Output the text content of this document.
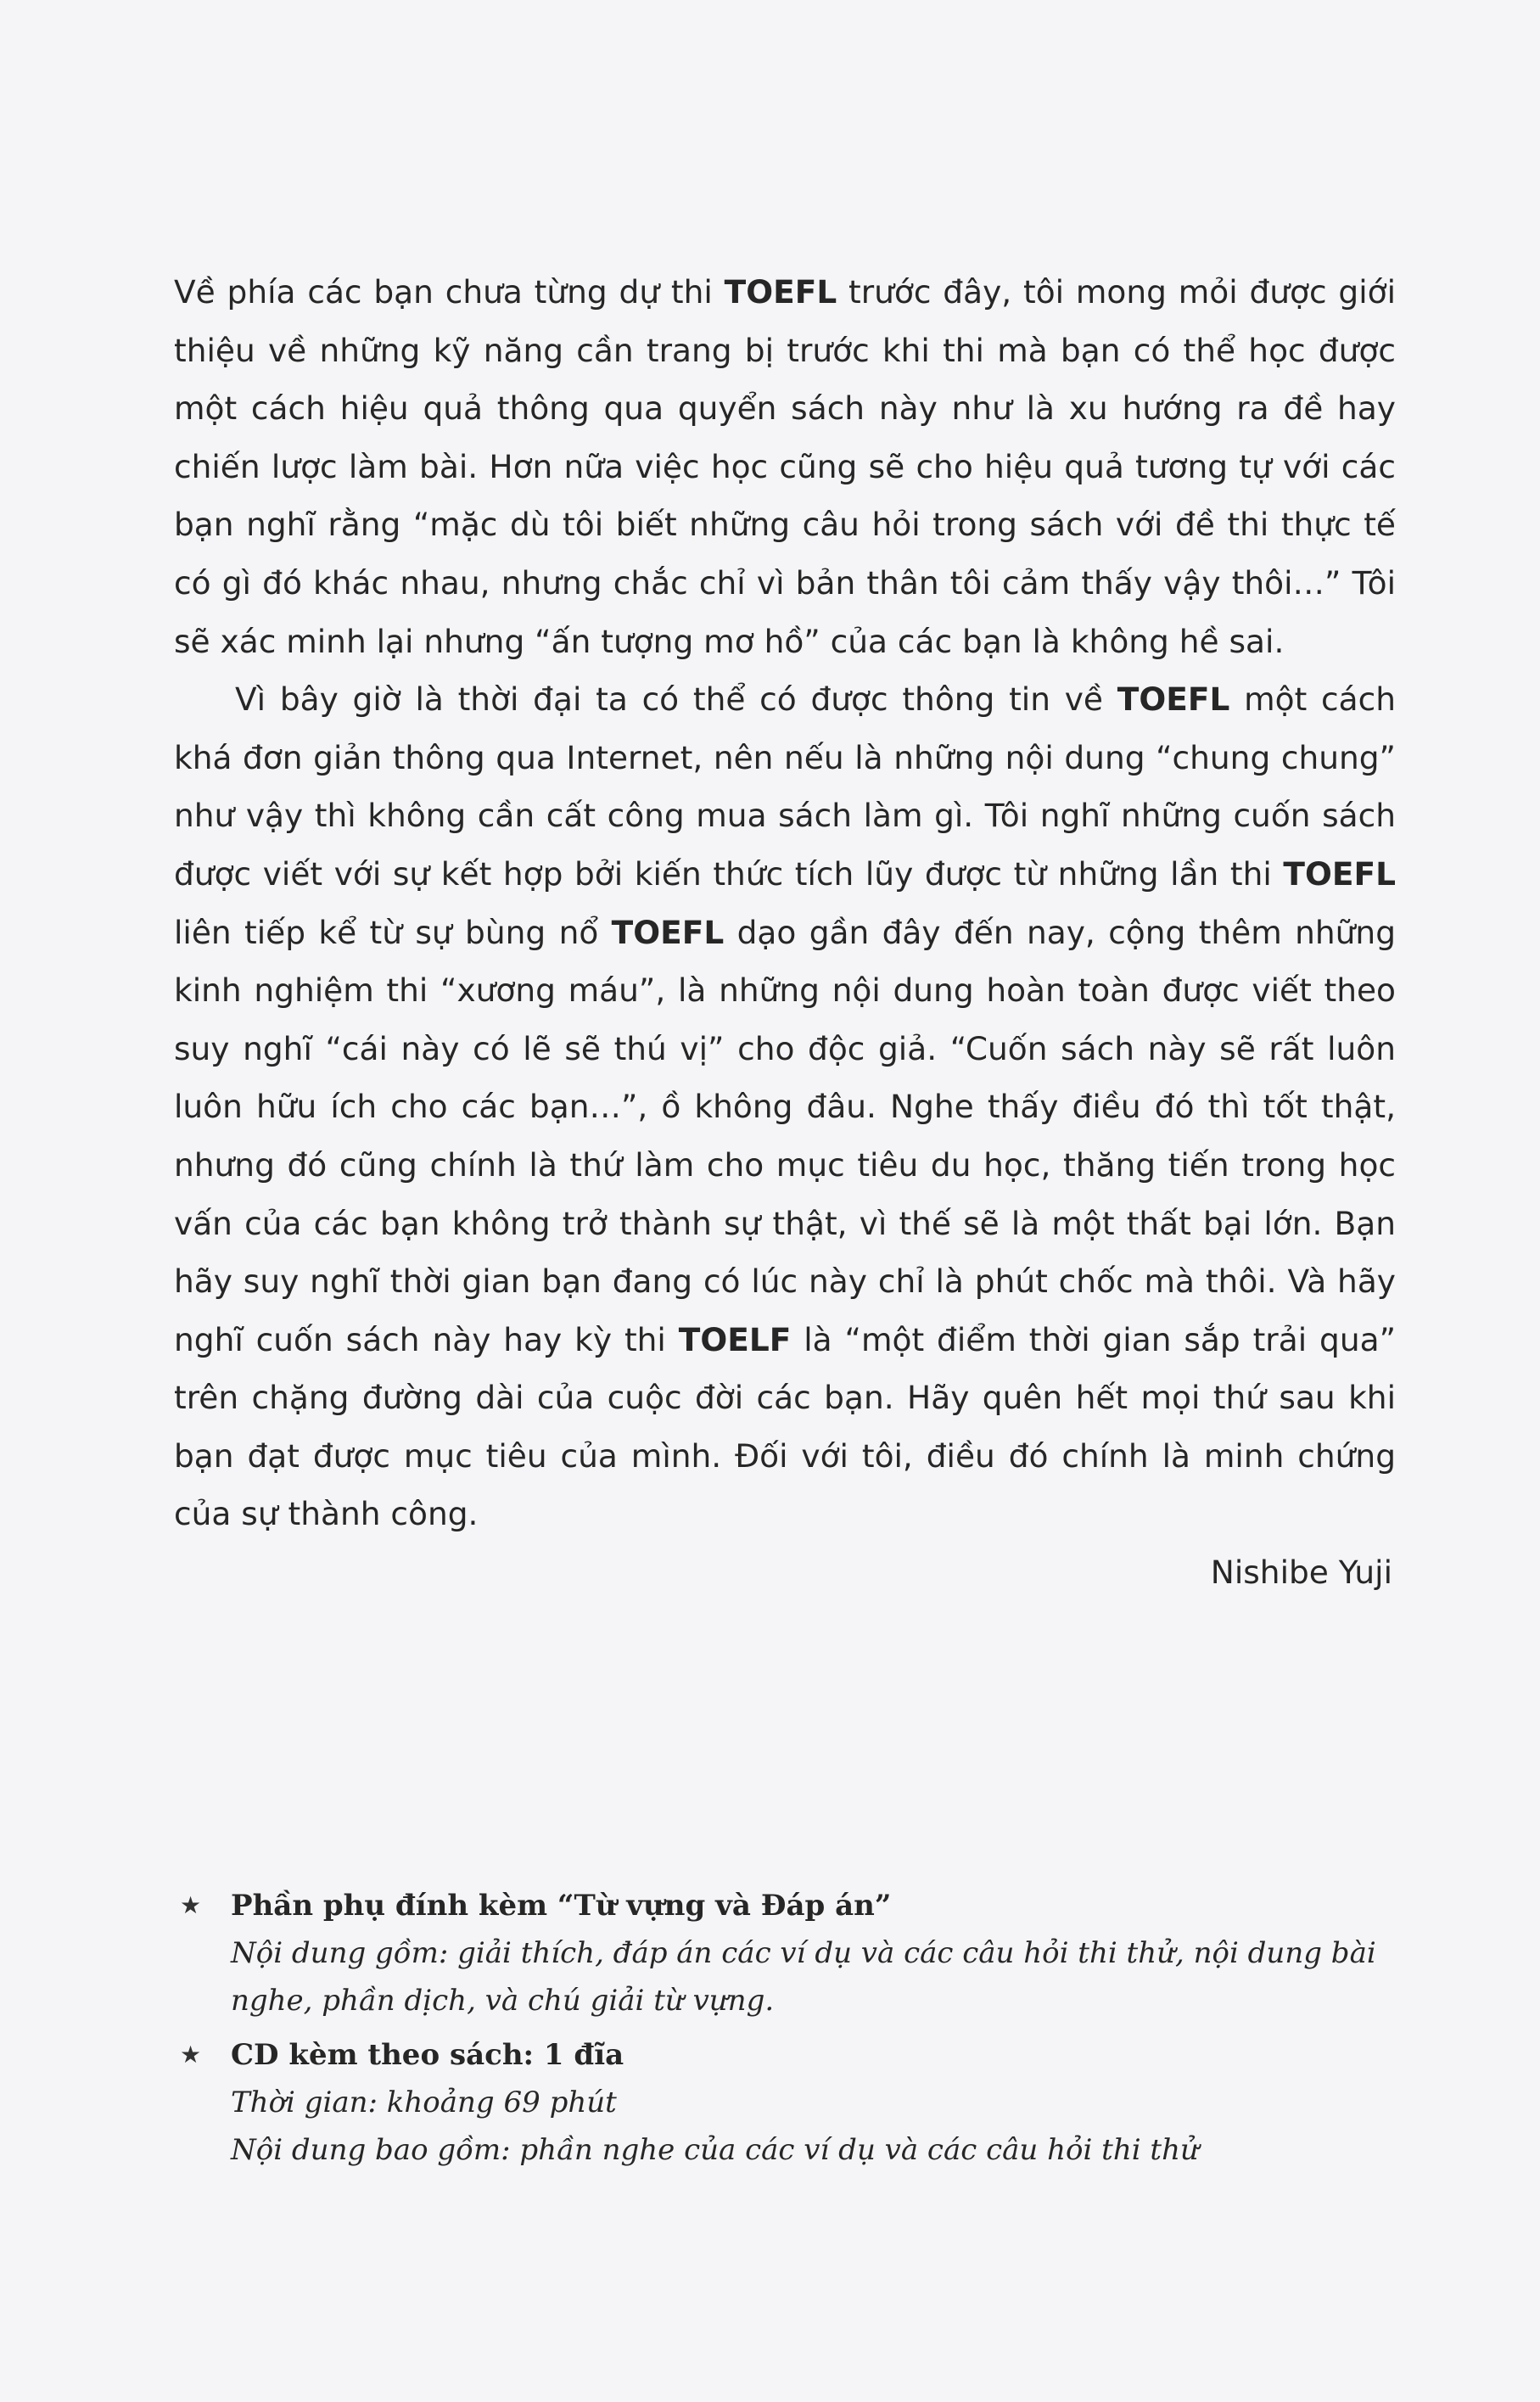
Về phía các bạn chưa từng dự thi TOEFL trước đây, tôi mong mỏi được giới thiệu về những kỹ năng cần trang bị trước khi thi mà bạn có thể học được một cách hiệu quả thông qua quyển sách này như là xu hướng ra đề hay chiến lược làm bài. Hơn nữa việc học cũng sẽ cho hiệu quả tương tự với các bạn nghĩ rằng “mặc dù tôi biết những câu hỏi trong sách với đề thi thực tế có gì đó khác nhau, nhưng chắc chỉ vì bản thân tôi cảm thấy vậy thôi…” Tôi sẽ xác minh lại nhưng “ấn tượng mơ hồ” của các bạn là không hề sai.

Vì bây giờ là thời đại ta có thể có được thông tin về TOEFL một cách khá đơn giản thông qua Internet, nên nếu là những nội dung “chung chung” như vậy thì không cần cất công mua sách làm gì. Tôi nghĩ những cuốn sách được viết với sự kết hợp bởi kiến thức tích lũy được từ những lần thi TOEFL liên tiếp kể từ sự bùng nổ TOEFL dạo gần đây đến nay, cộng thêm những kinh nghiệm thi “xương máu”, là những nội dung hoàn toàn được viết theo suy nghĩ “cái này có lẽ sẽ thú vị” cho độc giả. “Cuốn sách này sẽ rất luôn luôn hữu ích cho các bạn…”, ồ không đâu. Nghe thấy điều đó thì tốt thật, nhưng đó cũng chính là thứ làm cho mục tiêu du học, thăng tiến trong học vấn của các bạn không trở thành sự thật, vì thế sẽ là một thất bại lớn. Bạn hãy suy nghĩ thời gian bạn đang có lúc này chỉ là phút chốc mà thôi. Và hãy nghĩ cuốn sách này hay kỳ thi TOELF là “một điểm thời gian sắp trải qua” trên chặng đường dài của cuộc đời các bạn. Hãy quên hết mọi thứ sau khi bạn đạt được mục tiêu của mình. Đối với tôi, điều đó chính là minh chứng của sự thành công.

Nishibe Yuji

★	Phần phụ đính kèm “Từ vựng và Đáp án”

Nội dung gồm: giải thích, đáp án các ví dụ và các câu hỏi thi thử, nội dung bài nghe, phần dịch, và chú giải từ vựng.

★	CD kèm theo sách: 1 đĩa

Thời gian: khoảng 69 phút

Nội dung bao gồm: phần nghe của các ví dụ và các câu hỏi thi thử
